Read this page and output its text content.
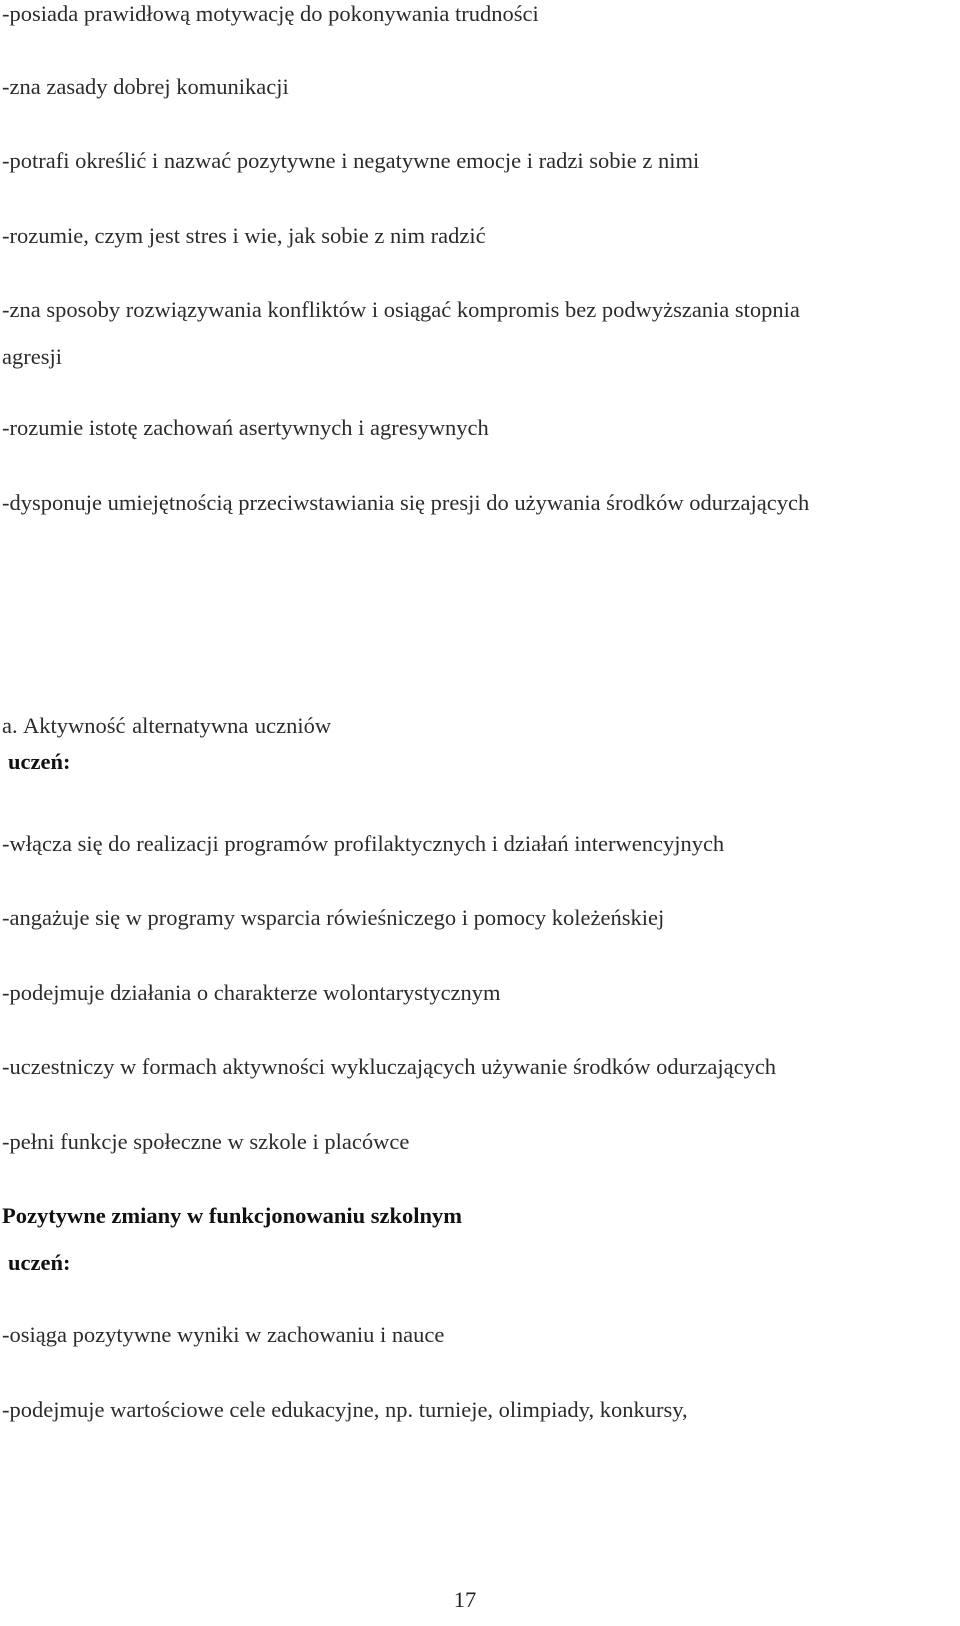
-posiada prawidłową motywację do pokonywania trudności
-zna zasady dobrej komunikacji
-potrafi określić i nazwać pozytywne i negatywne emocje i radzi sobie z nimi
-rozumie, czym jest stres i wie, jak sobie z nim radzić
-zna sposoby rozwiązywania konfliktów i osiągać kompromis bez podwyższania stopnia
agresji
-rozumie istotę zachowań asertywnych i agresywnych
-dysponuje umiejętnością przeciwstawiania się presji do używania środków odurzających
a. Aktywność alternatywna uczniów
uczeń:
-włącza się do realizacji programów profilaktycznych i działań interwencyjnych
-angażuje się w programy wsparcia rówieśniczego i pomocy koleżeńskiej
-podejmuje działania o charakterze wolontarystycznym
-uczestniczy w formach aktywności wykluczających używanie środków odurzających
-pełni funkcje społeczne w szkole i placówce
Pozytywne zmiany w funkcjonowaniu szkolnym
uczeń:
-osiąga pozytywne wyniki w zachowaniu i nauce
-podejmuje wartościowe cele edukacyjne, np. turnieje, olimpiady, konkursy,
17
